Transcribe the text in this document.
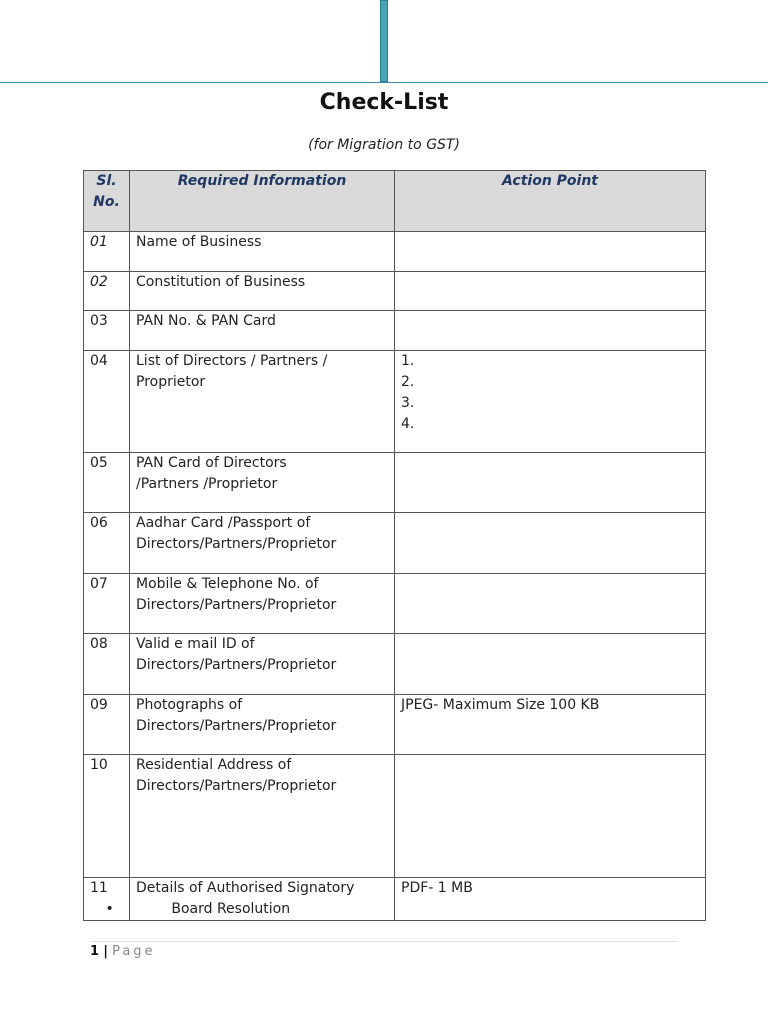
Check-List
(for Migration to GST)
Sl. No.	Required Information	Action Point
01	Name of Business	

02	Constitution of Business	

03	PAN No. & PAN Card	

04	List of Directors / Partners /
Proprietor	1.
2.
3.
4.

05	PAN Card of Directors
/Partners /Proprietor	

06	Aadhar Card /Passport of
Directors/Partners/Proprietor	

07	Mobile & Telephone No. of
Directors/Partners/Proprietor	

08	Valid e mail ID of
Directors/Partners/Proprietor	

09	Photographs of
Directors/Partners/Proprietor	JPEG- Maximum Size 100 KB

10	Residential Address of
Directors/Partners/Proprietor	

11	Details of Authorised Signatory
• Board Resolution	PDF- 1 MB
1 | Page
